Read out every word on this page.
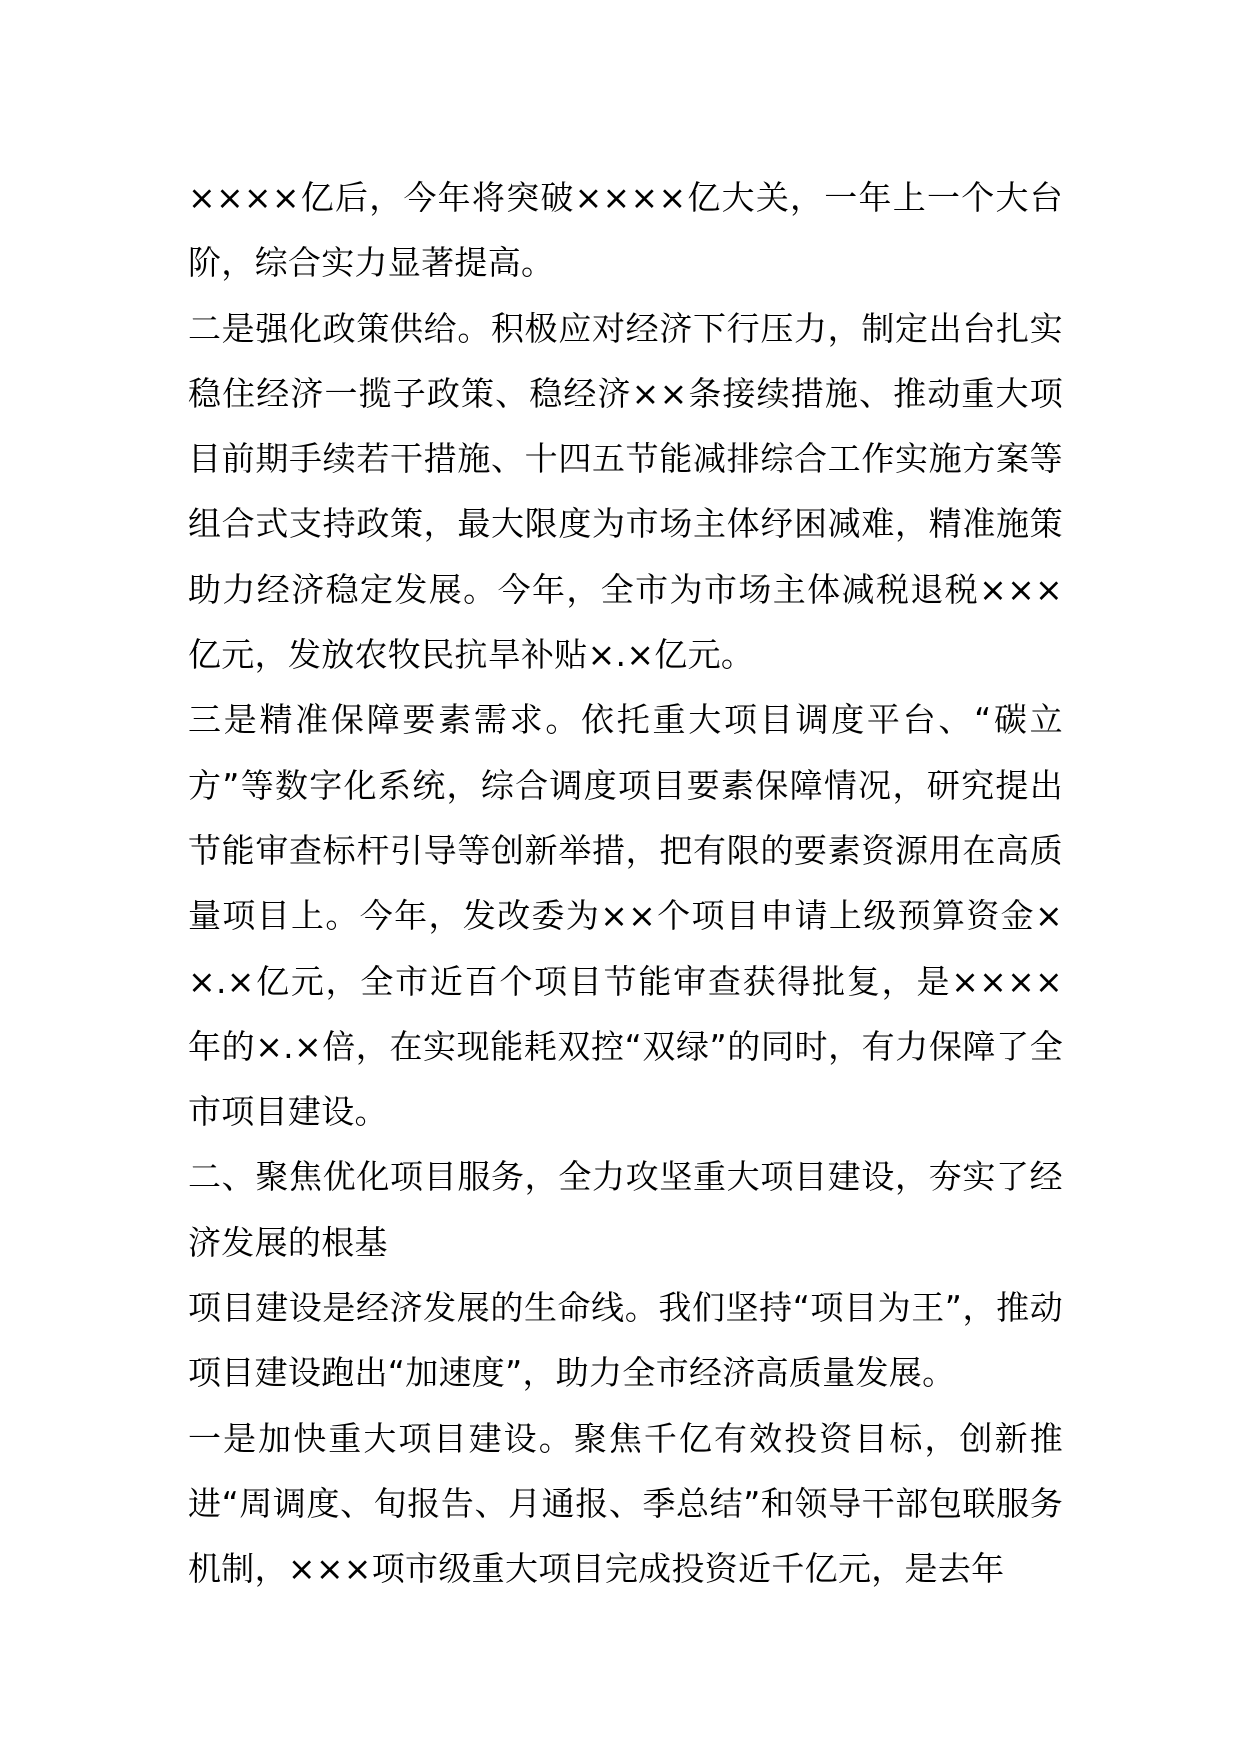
××××亿后，今年将突破××××亿大关，一年上一个大台阶，综合实力显著提高。

二是强化政策供给。积极应对经济下行压力，制定出台扎实稳住经济一揽子政策、稳经济××条接续措施、推动重大项目前期手续若干措施、十四五节能减排综合工作实施方案等组合式支持政策，最大限度为市场主体纾困减难，精准施策助力经济稳定发展。今年，全市为市场主体减税退税×××亿元，发放农牧民抗旱补贴×.×亿元。

三是精准保障要素需求。依托重大项目调度平台、“碳立方”等数字化系统，综合调度项目要素保障情况，研究提出节能审查标杆引导等创新举措，把有限的要素资源用在高质量项目上。今年，发改委为××个项目申请上级预算资金××.×亿元，全市近百个项目节能审查获得批复，是××××年的×.×倍，在实现能耗双控“双绿”的同时，有力保障了全市项目建设。

二、聚焦优化项目服务，全力攻坚重大项目建设，夯实了经济发展的根基

项目建设是经济发展的生命线。我们坚持“项目为王”，推动项目建设跑出“加速度”，助力全市经济高质量发展。

一是加快重大项目建设。聚焦千亿有效投资目标，创新推进“周调度、旬报告、月通报、季总结”和领导干部包联服务机制，×××项市级重大项目完成投资近千亿元，是去年
